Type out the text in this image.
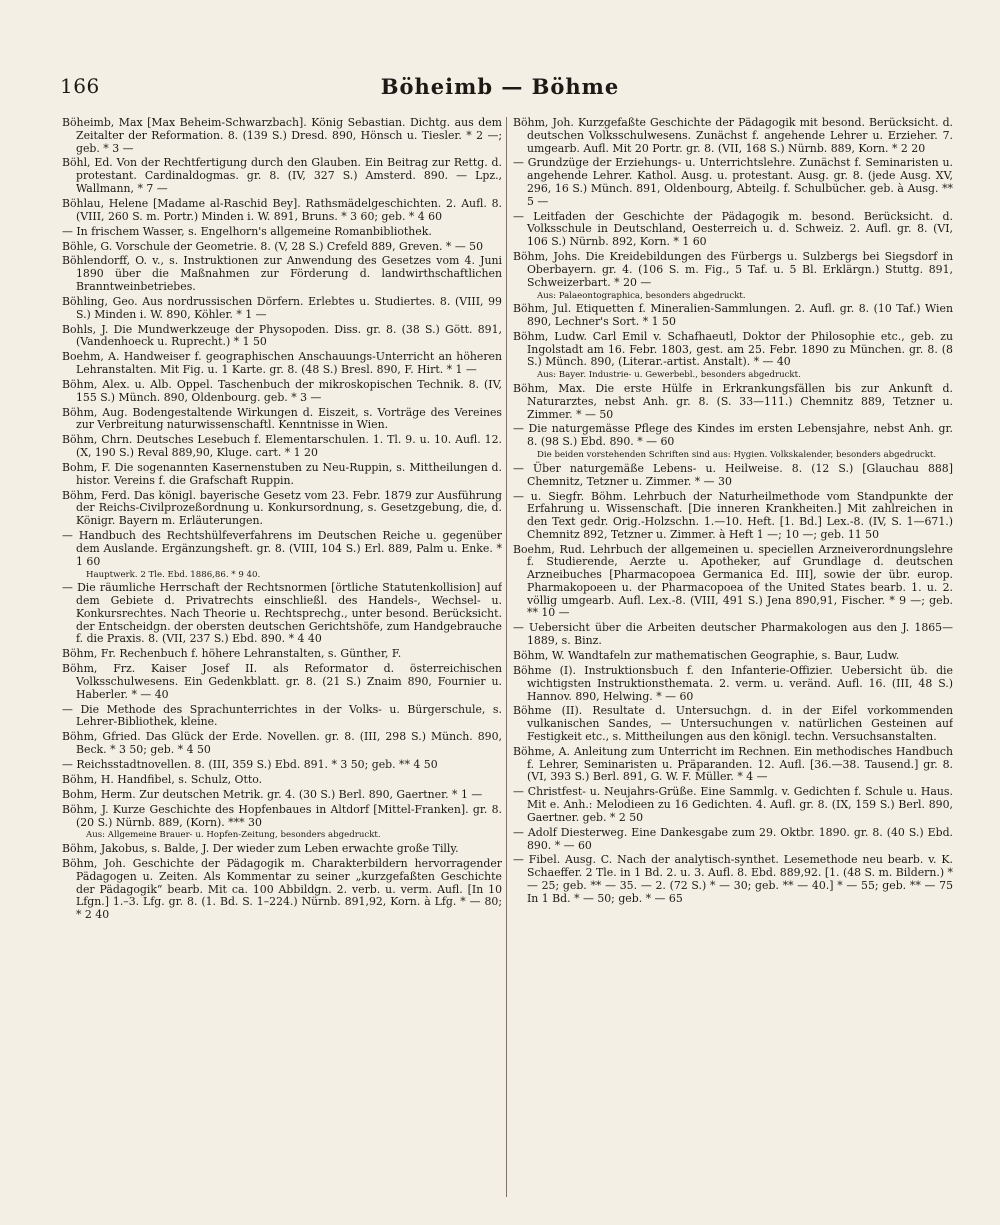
166	Böheimb — Böhme

Böheimb, Max [Max Beheim-Schwarzbach]. König Sebastian. Dichtg. aus dem Zeitalter der Reformation. 8. (139 S.) Dresd. 890, Hönsch u. Tiesler. * 2 —; geb. * 3 —

Böhl, Ed. Von der Rechtfertigung durch den Glauben. Ein Beitrag zur Rettg. d. protestant. Cardinaldogmas. gr. 8. (IV, 327 S.) Amsterd. 890. — Lpz., Wallmann, * 7 —

Böhlau, Helene [Madame al-Raschid Bey]. Rathsmädelgeschichten. 2. Aufl. 8. (VIII, 260 S. m. Portr.) Minden i. W. 891, Bruns. * 3 60; geb. * 4 60

— In frischem Wasser, s. Engelhorn's allgemeine Romanbibliothek.

Böhle, G. Vorschule der Geometrie. 8. (V, 28 S.) Crefeld 889, Greven. * — 50

Böhlendorff, O. v., s. Instruktionen zur Anwendung des Gesetzes vom 4. Juni 1890 über die Maßnahmen zur Förderung d. landwirthschaftlichen Branntweinbetriebes.

Böhling, Geo. Aus nordrussischen Dörfern. Erlebtes u. Studiertes. 8. (VIII, 99 S.) Minden i. W. 890, Köhler. * 1 —

Bohls, J. Die Mundwerkzeuge der Physopoden. Diss. gr. 8. (38 S.) Gött. 891, (Vandenhoeck u. Ruprecht.) * 1 50

Boehm, A. Handweiser f. geographischen Anschauungs-Unterricht an höheren Lehranstalten. Mit Fig. u. 1 Karte. gr. 8. (48 S.) Bresl. 890, F. Hirt. * 1 —

Böhm, Alex. u. Alb. Oppel. Taschenbuch der mikroskopischen Technik. 8. (IV, 155 S.) Münch. 890, Oldenbourg. geb. * 3 —

Böhm, Aug. Bodengestaltende Wirkungen d. Eiszeit, s. Vorträge des Vereines zur Verbreitung naturwissenschaftl. Kenntnisse in Wien.

Böhm, Chrn. Deutsches Lesebuch f. Elementarschulen. 1. Tl. 9. u. 10. Aufl. 12. (X, 190 S.) Reval 889,90, Kluge. cart. * 1 20

Bohm, F. Die sogenannten Kasernenstuben zu Neu-Ruppin, s. Mittheilungen d. histor. Vereins f. die Grafschaft Ruppin.

Böhm, Ferd. Das königl. bayerische Gesetz vom 23. Febr. 1879 zur Ausführung der Reichs-Civilprozeßordnung u. Konkursordnung, s. Gesetzgebung, die, d. Königr. Bayern m. Erläuterungen.

— Handbuch des Rechtshülfeverfahrens im Deutschen Reiche u. gegenüber dem Auslande. Ergänzungsheft. gr. 8. (VIII, 104 S.) Erl. 889, Palm u. Enke. * 1 60

Hauptwerk. 2 Tle. Ebd. 1886,86. * 9 40.

— Die räumliche Herrschaft der Rechtsnormen [örtliche Statutenkollision] auf dem Gebiete d. Privatrechts einschließl. des Handels-, Wechsel- u. Konkursrechtes. Nach Theorie u. Rechtsprechg., unter besond. Berücksicht. der Entscheidgn. der obersten deutschen Gerichtshöfe, zum Handgebrauche f. die Praxis. 8. (VII, 237 S.) Ebd. 890. * 4 40

Böhm, Fr. Rechenbuch f. höhere Lehranstalten, s. Günther, F.

Böhm, Frz. Kaiser Josef II. als Reformator d. österreichischen Volksschulwesens. Ein Gedenkblatt. gr. 8. (21 S.) Znaim 890, Fournier u. Haberler. * — 40

— Die Methode des Sprachunterrichtes in der Volks- u. Bürgerschule, s. Lehrer-Bibliothek, kleine.

Böhm, Gfried. Das Glück der Erde. Novellen. gr. 8. (III, 298 S.) Münch. 890, Beck. * 3 50; geb. * 4 50

— Reichsstadtnovellen. 8. (III, 359 S.) Ebd. 891. * 3 50; geb. ** 4 50

Böhm, H. Handfibel, s. Schulz, Otto.

Bohm, Herm. Zur deutschen Metrik. gr. 4. (30 S.) Berl. 890, Gaertner. * 1 —

Böhm, J. Kurze Geschichte des Hopfenbaues in Altdorf [Mittel-Franken]. gr. 8. (20 S.) Nürnb. 889, (Korn). *** 30

Aus: Allgemeine Brauer- u. Hopfen-Zeitung, besonders abgedruckt.

Böhm, Jakobus, s. Balde, J. Der wieder zum Leben erwachte große Tilly.

Böhm, Joh. Geschichte der Pädagogik m. Charakterbildern hervorragender Pädagogen u. Zeiten. Als Kommentar zu seiner „kurzgefaßten Geschichte der Pädagogik“ bearb. Mit ca. 100 Abbildgn. 2. verb. u. verm. Aufl. [In 10 Lfgn.] 1.–3. Lfg. gr. 8. (1. Bd. S. 1–224.) Nürnb. 891,92, Korn. à Lfg. * — 80; * 2 40

Böhm, Joh. Kurzgefaßte Geschichte der Pädagogik mit besond. Berücksicht. d. deutschen Volksschulwesens. Zunächst f. angehende Lehrer u. Erzieher. 7. umgearb. Aufl. Mit 20 Portr. gr. 8. (VII, 168 S.) Nürnb. 889, Korn. * 2 20

— Grundzüge der Erziehungs- u. Unterrichtslehre. Zunächst f. Seminaristen u. angehende Lehrer. Kathol. Ausg. u. protestant. Ausg. gr. 8. (jede Ausg. XV, 296, 16 S.) Münch. 891, Oldenbourg, Abteilg. f. Schulbücher. geb. à Ausg. ** 5 —

— Leitfaden der Geschichte der Pädagogik m. besond. Berücksicht. d. Volksschule in Deutschland, Oesterreich u. d. Schweiz. 2. Aufl. gr. 8. (VI, 106 S.) Nürnb. 892, Korn. * 1 60

Böhm, Johs. Die Kreidebildungen des Fürbergs u. Sulzbergs bei Siegsdorf in Oberbayern. gr. 4. (106 S. m. Fig., 5 Taf. u. 5 Bl. Erklärgn.) Stuttg. 891, Schweizerbart. * 20 —

Aus: Palaeontographica, besonders abgedruckt.

Böhm, Jul. Etiquetten f. Mineralien-Sammlungen. 2. Aufl. gr. 8. (10 Taf.) Wien 890, Lechner's Sort. * 1 50

Böhm, Ludw. Carl Emil v. Schafhaeutl, Doktor der Philosophie etc., geb. zu Ingolstadt am 16. Febr. 1803, gest. am 25. Febr. 1890 zu München. gr. 8. (8 S.) Münch. 890, (Literar.-artist. Anstalt). * — 40

Aus: Bayer. Industrie- u. Gewerbebl., besonders abgedruckt.

Böhm, Max. Die erste Hülfe in Erkrankungsfällen bis zur Ankunft d. Naturarztes, nebst Anh. gr. 8. (S. 33—111.) Chemnitz 889, Tetzner u. Zimmer. * — 50

— Die naturgemässe Pflege des Kindes im ersten Lebensjahre, nebst Anh. gr. 8. (98 S.) Ebd. 890. * — 60

Die beiden vorstehenden Schriften sind aus: Hygien. Volkskalender, besonders abgedruckt.

— Über naturgemäße Lebens- u. Heilweise. 8. (12 S.) [Glauchau 888] Chemnitz, Tetzner u. Zimmer. * — 30

— u. Siegfr. Böhm. Lehrbuch der Naturheilmethode vom Standpunkte der Erfahrung u. Wissenschaft. [Die inneren Krankheiten.] Mit zahlreichen in den Text gedr. Orig.-Holzschn. 1.—10. Heft. [1. Bd.] Lex.-8. (IV, S. 1—671.) Chemnitz 892, Tetzner u. Zimmer. à Heft 1 —; 10 —; geb. 11 50

Boehm, Rud. Lehrbuch der allgemeinen u. speciellen Arzneiverordnungslehre f. Studierende, Aerzte u. Apotheker, auf Grundlage d. deutschen Arzneibuches [Pharmacopoea Germanica Ed. III], sowie der übr. europ. Pharmakopoeen u. der Pharmacopoea of the United States bearb. 1. u. 2. völlig umgearb. Aufl. Lex.-8. (VIII, 491 S.) Jena 890,91, Fischer. * 9 —; geb. ** 10 —

— Uebersicht über die Arbeiten deutscher Pharmakologen aus den J. 1865—1889, s. Binz.

Böhm, W. Wandtafeln zur mathematischen Geographie, s. Baur, Ludw.

Böhme (I). Instruktionsbuch f. den Infanterie-Offizier. Uebersicht üb. die wichtigsten Instruktionsthemata. 2. verm. u. veränd. Aufl. 16. (III, 48 S.) Hannov. 890, Helwing. * — 60

Böhme (II). Resultate d. Untersuchgn. d. in der Eifel vorkommenden vulkanischen Sandes, — Untersuchungen v. natürlichen Gesteinen auf Festigkeit etc., s. Mittheilungen aus den königl. techn. Versuchsanstalten.

Böhme, A. Anleitung zum Unterricht im Rechnen. Ein methodisches Handbuch f. Lehrer, Seminaristen u. Präparanden. 12. Aufl. [36.—38. Tausend.] gr. 8. (VI, 393 S.) Berl. 891, G. W. F. Müller. * 4 —

— Christfest- u. Neujahrs-Grüße. Eine Sammlg. v. Gedichten f. Schule u. Haus. Mit e. Anh.: Melodieen zu 16 Gedichten. 4. Aufl. gr. 8. (IX, 159 S.) Berl. 890, Gaertner. geb. * 2 50

— Adolf Diesterweg. Eine Dankesgabe zum 29. Oktbr. 1890. gr. 8. (40 S.) Ebd. 890. * — 60

— Fibel. Ausg. C. Nach der analytisch-synthet. Lesemethode neu bearb. v. K. Schaeffer. 2 Tle. in 1 Bd. 2. u. 3. Aufl. 8. Ebd. 889,92. [1. (48 S. m. Bildern.) * — 25; geb. ** — 35. — 2. (72 S.) * — 30; geb. ** — 40.] * — 55; geb. ** — 75 In 1 Bd. * — 50; geb. * — 65
